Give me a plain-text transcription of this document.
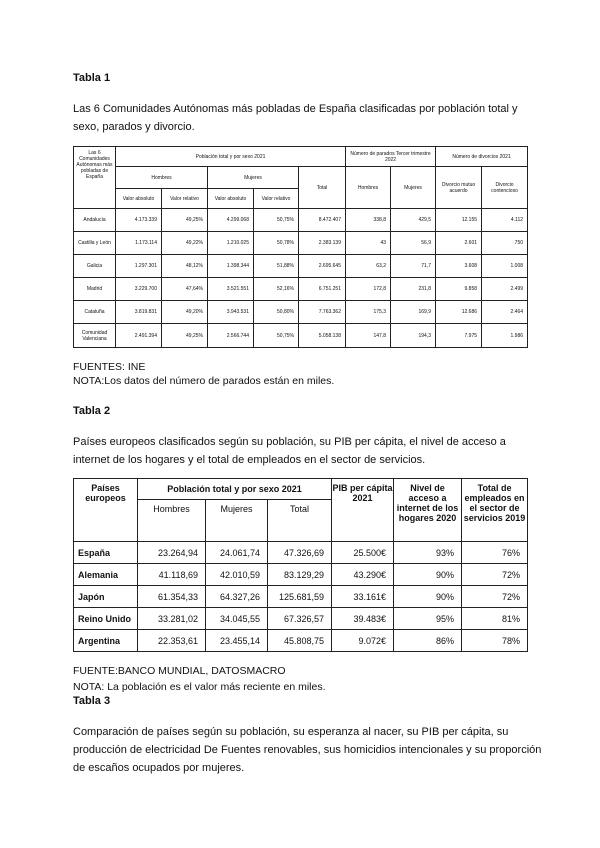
Tabla 1
Las 6 Comunidades Autónomas más pobladas de España clasificadas por población total y sexo, parados y divorcio.
Las 6 Comunidades Autónomas más pobladas de España	Población total y por sexo 2021					Número de parados Tercer trimestre 2022		Número de divorcios 2021	
	Hombres		Mujeres		Total	Hombres	Mujeres	Divorcio mutuo acuerdo	Divorcio contencioso
	Valor absoluto	Valor relativo	Valor absoluto	Valor relativo					
Andalucía	4.173.339	49,25%	4.299.068	50,75%	8.472.407	338,8	429,5	12.155	4.112
Castilla y León	1.173.114	49,22%	1.210.025	50,78%	2.383.139	43	56,9	2.601	750
Galicia	1.297.301	48,12%	1.398.344	51,88%	2.695.645	63,2	71,7	3.608	1.008
Madrid	3.229.700	47,64%	3.521.551	52,16%	6.751.251	172,8	231,8	9.858	2.499
Cataluña	3.819.831	49,20%	3.943.531	50,80%	7.763.362	175,3	169,9	12.686	2.464
Comunidad Valenciana	2.491.394	49,25%	2.566.744	50,75%	5.058.138	147,8	194,3	7.975	1.986
FUENTES: INE
NOTA:Los datos del número de parados están en miles.
Tabla 2
Países europeos clasificados según su población, su PIB per cápita, el nivel de acceso a internet de los hogares y el total de empleados en el sector de servicios.
Países europeos	Población total y por sexo 2021			PIB per cápita 2021	Nivel de acceso a internet de los hogares 2020	Total de empleados en el sector de servicios 2019
	Hombres	Mujeres	Total			
España	23.264,94	24.061,74	47.326,69	25.500€	93%	76%
Alemania	41.118,69	42.010,59	83.129,29	43.290€	90%	72%
Japón	61.354,33	64.327,26	125.681,59	33.161€	90%	72%
Reino Unido	33.281,02	34.045,55	67.326,57	39.483€	95%	81%
Argentina	22.353,61	23.455,14	45.808,75	9.072€	86%	78%
FUENTE:BANCO MUNDIAL, DATOSMACRO
NOTA: La población es el valor más reciente en miles.
Tabla 3
Comparación de países según su población, su esperanza al nacer, su PIB per cápita, su producción de electricidad De Fuentes renovables, sus homicidios intencionales y su proporción de escaños ocupados por mujeres.
